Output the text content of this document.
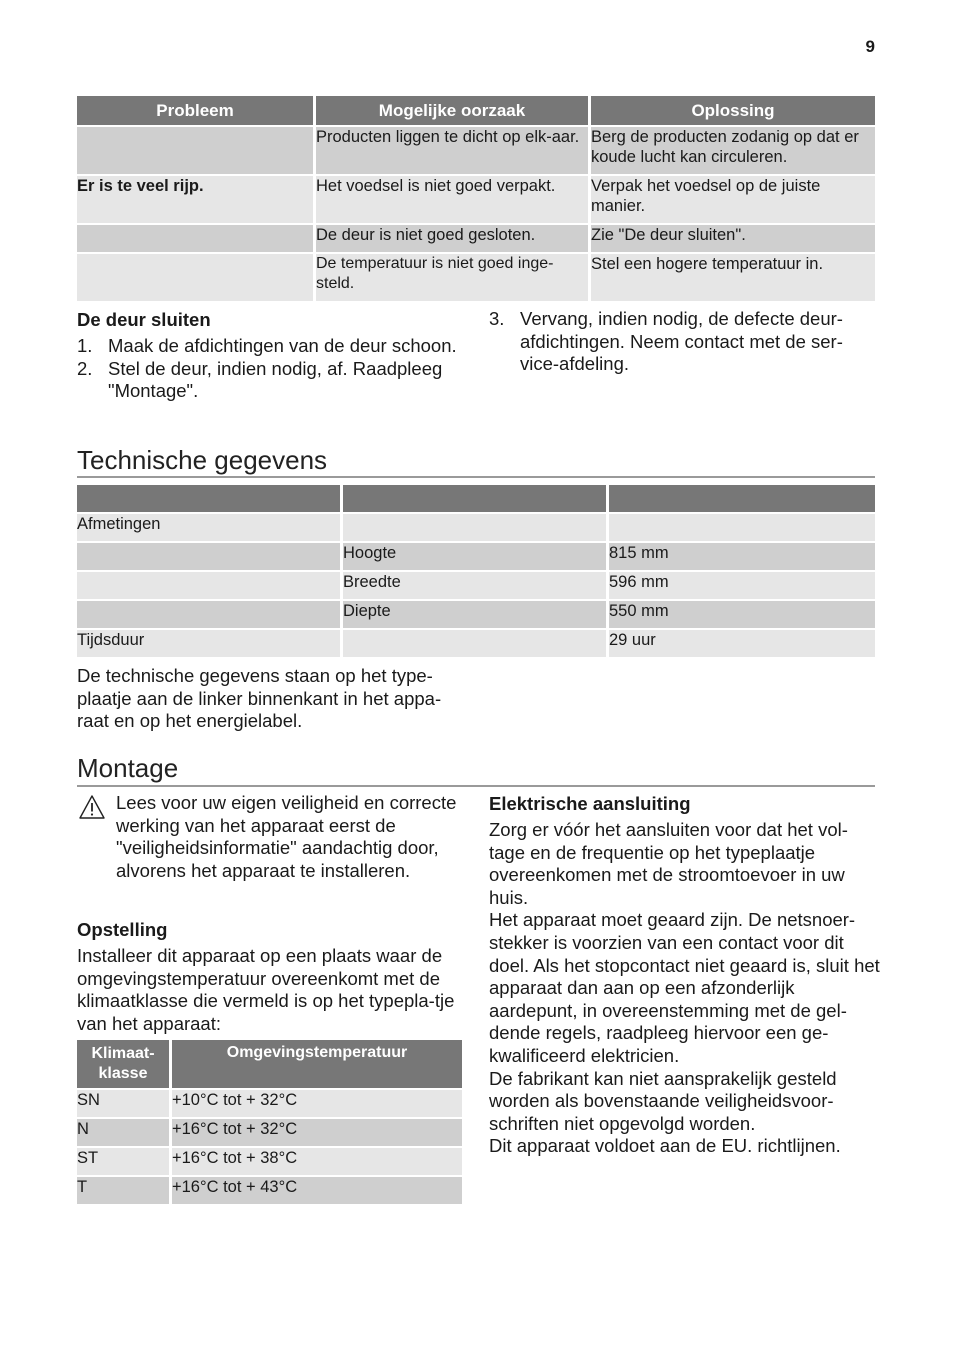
9
Probleem	Mogelijke oorzaak	Oplossing
	Producten liggen te dicht op elk-aar.	Berg de producten zodanig op dat er koude lucht kan circuleren.
Er is te veel rijp.	Het voedsel is niet goed verpakt.	Verpak het voedsel op de juiste manier.
	De deur is niet goed gesloten.	Zie "De deur sluiten".
	De temperatuur is niet goed inge-steld.	Stel een hogere temperatuur in.
De deur sluiten
1. Maak de afdichtingen van de deur schoon.
2. Stel de deur, indien nodig, af. Raadpleeg "Montage".
3. Vervang, indien nodig, de defecte deur-afdichtingen. Neem contact met de ser-vice-afdeling.
Technische gegevens

Afmetingen		
	Hoogte	815 mm
	Breedte	596 mm
	Diepte	550 mm
Tijdsduur		29 uur
De technische gegevens staan op het type-plaatje aan de linker binnenkant in het appa-raat en op het energielabel.
Montage
Lees voor uw eigen veiligheid en correcte werking van het apparaat eerst de "veiligheidsinformatie" aandachtig door, alvorens het apparaat te installeren.
Opstelling
Installeer dit apparaat op een plaats waar de omgevingstemperatuur overeenkomt met de klimaatklasse die vermeld is op het typepla-tje van het apparaat:
Klimaat-klasse	Omgevingstemperatuur
SN	+10°C tot + 32°C
N	+16°C tot + 32°C
ST	+16°C tot + 38°C
T	+16°C tot + 43°C
Elektrische aansluiting
Zorg er vóór het aansluiten voor dat het vol-tage en de frequentie op het typeplaatje overeenkomen met de stroomtoevoer in uw huis.
Het apparaat moet geaard zijn. De netsnoer-stekker is voorzien van een contact voor dit doel. Als het stopcontact niet geaard is, sluit het apparaat dan aan op een afzonderlijk aardepunt, in overeenstemming met de gel-dende regels, raadpleeg hiervoor een ge-kwalificeerd elektricien.
De fabrikant kan niet aansprakelijk gesteld worden als bovenstaande veiligheidsvoor-schriften niet opgevolgd worden.
Dit apparaat voldoet aan de EU. richtlijnen.
